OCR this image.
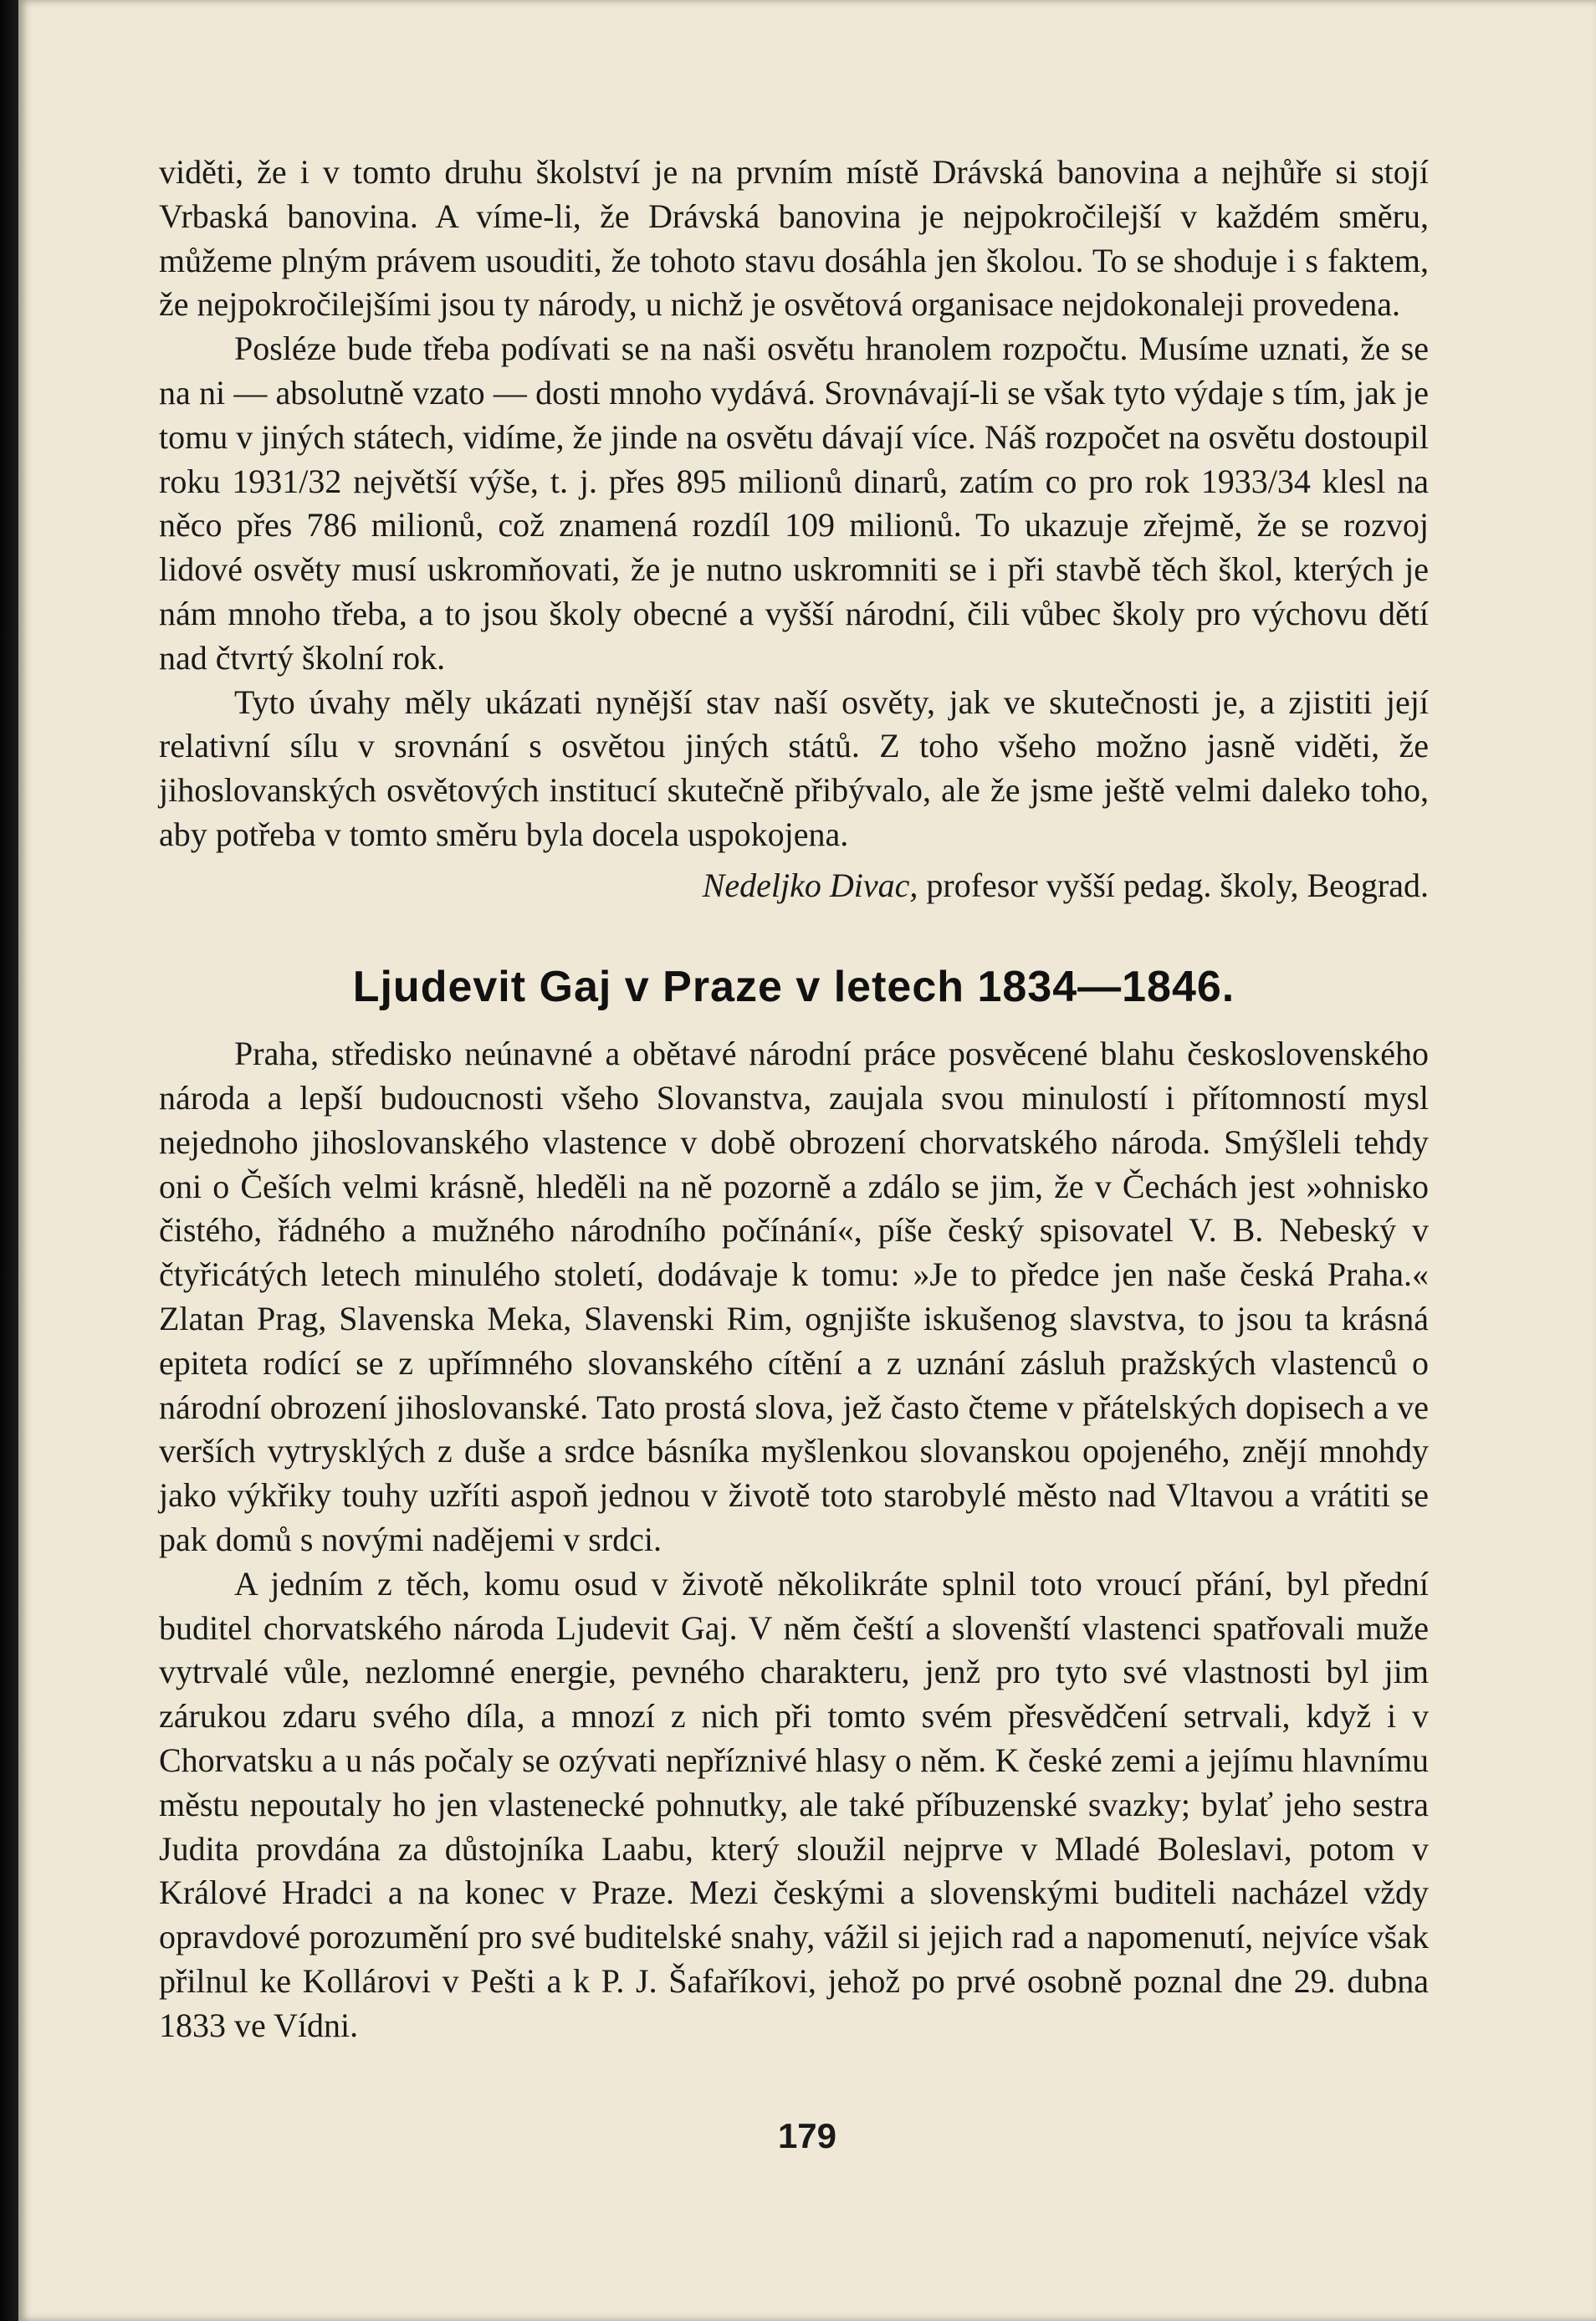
viděti, že i v tomto druhu školství je na prvním místě Drávská banovina a nejhůře si stojí Vrbaská banovina. A víme-li, že Drávská banovina je nejpokročilejší v každém směru, můžeme plným právem usouditi, že tohoto stavu dosáhla jen školou. To se shoduje i s faktem, že nejpokročilejšími jsou ty národy, u nichž je osvětová organisace nejdokonaleji provedena.

Posléze bude třeba podívati se na naši osvětu hranolem rozpočtu. Musíme uznati, že se na ni — absolutně vzato — dosti mnoho vydává. Srovnávají-li se však tyto výdaje s tím, jak je tomu v jiných státech, vidíme, že jinde na osvětu dávají více. Náš rozpočet na osvětu dostoupil roku 1931/32 největší výše, t. j. přes 895 milionů dinarů, zatím co pro rok 1933/34 klesl na něco přes 786 milionů, což znamená rozdíl 109 milionů. To ukazuje zřejmě, že se rozvoj lidové osvěty musí uskromňovati, že je nutno uskromniti se i při stavbě těch škol, kterých je nám mnoho třeba, a to jsou školy obecné a vyšší národní, čili vůbec školy pro výchovu dětí nad čtvrtý školní rok.

Tyto úvahy měly ukázati nynější stav naší osvěty, jak ve skutečnosti je, a zjistiti její relativní sílu v srovnání s osvětou jiných států. Z toho všeho možno jasně viděti, že jihoslovanských osvětových institucí skutečně přibývalo, ale že jsme ještě velmi daleko toho, aby potřeba v tomto směru byla docela uspokojena.

Nedeljko Divac, profesor vyšší pedag. školy, Beograd.

Ljudevit Gaj v Praze v letech 1834—1846.

Praha, středisko neúnavné a obětavé národní práce posvěcené blahu československého národa a lepší budoucnosti všeho Slovanstva, zaujala svou minulostí i přítomností mysl nejednoho jihoslovanského vlastence v době obrození chorvatského národa. Smýšleli tehdy oni o Češích velmi krásně, hleděli na ně pozorně a zdálo se jim, že v Čechách jest »ohnisko čistého, řádného a mužného národního počínání«, píše český spisovatel V. B. Nebeský v čtyřicátých letech minulého století, dodávaje k tomu: »Je to předce jen naše česká Praha.« Zlatan Prag, Slavenska Meka, Slavenski Rim, ognjište iskušenog slavstva, to jsou ta krásná epiteta rodící se z upřímného slovanského cítění a z uznání zásluh pražských vlastenců o národní obrození jihoslovanské. Tato prostá slova, jež často čteme v přátelských dopisech a ve verších vytrysklých z duše a srdce básníka myšlenkou slovanskou opojeného, znějí mnohdy jako výkřiky touhy uzříti aspoň jednou v životě toto starobylé město nad Vltavou a vrátiti se pak domů s novými nadějemi v srdci.

A jedním z těch, komu osud v životě několikráte splnil toto vroucí přání, byl přední buditel chorvatského národa Ljudevit Gaj. V něm čeští a slovenští vlastenci spatřovali muže vytrvalé vůle, nezlomné energie, pevného charakteru, jenž pro tyto své vlastnosti byl jim zárukou zdaru svého díla, a mnozí z nich při tomto svém přesvědčení setrvali, když i v Chorvatsku a u nás počaly se ozývati nepříznivé hlasy o něm. K české zemi a jejímu hlavnímu městu nepoutaly ho jen vlastenecké pohnutky, ale také příbuzenské svazky; bylať jeho sestra Judita provdána za důstojníka Laabu, který sloužil nejprve v Mladé Boleslavi, potom v Králové Hradci a na konec v Praze. Mezi českými a slovenskými buditeli nacházel vždy opravdové porozumění pro své buditelské snahy, vážil si jejich rad a napomenutí, nejvíce však přilnul ke Kollárovi v Pešti a k P. J. Šafaříkovi, jehož po prvé osobně poznal dne 29. dubna 1833 ve Vídni.

179
